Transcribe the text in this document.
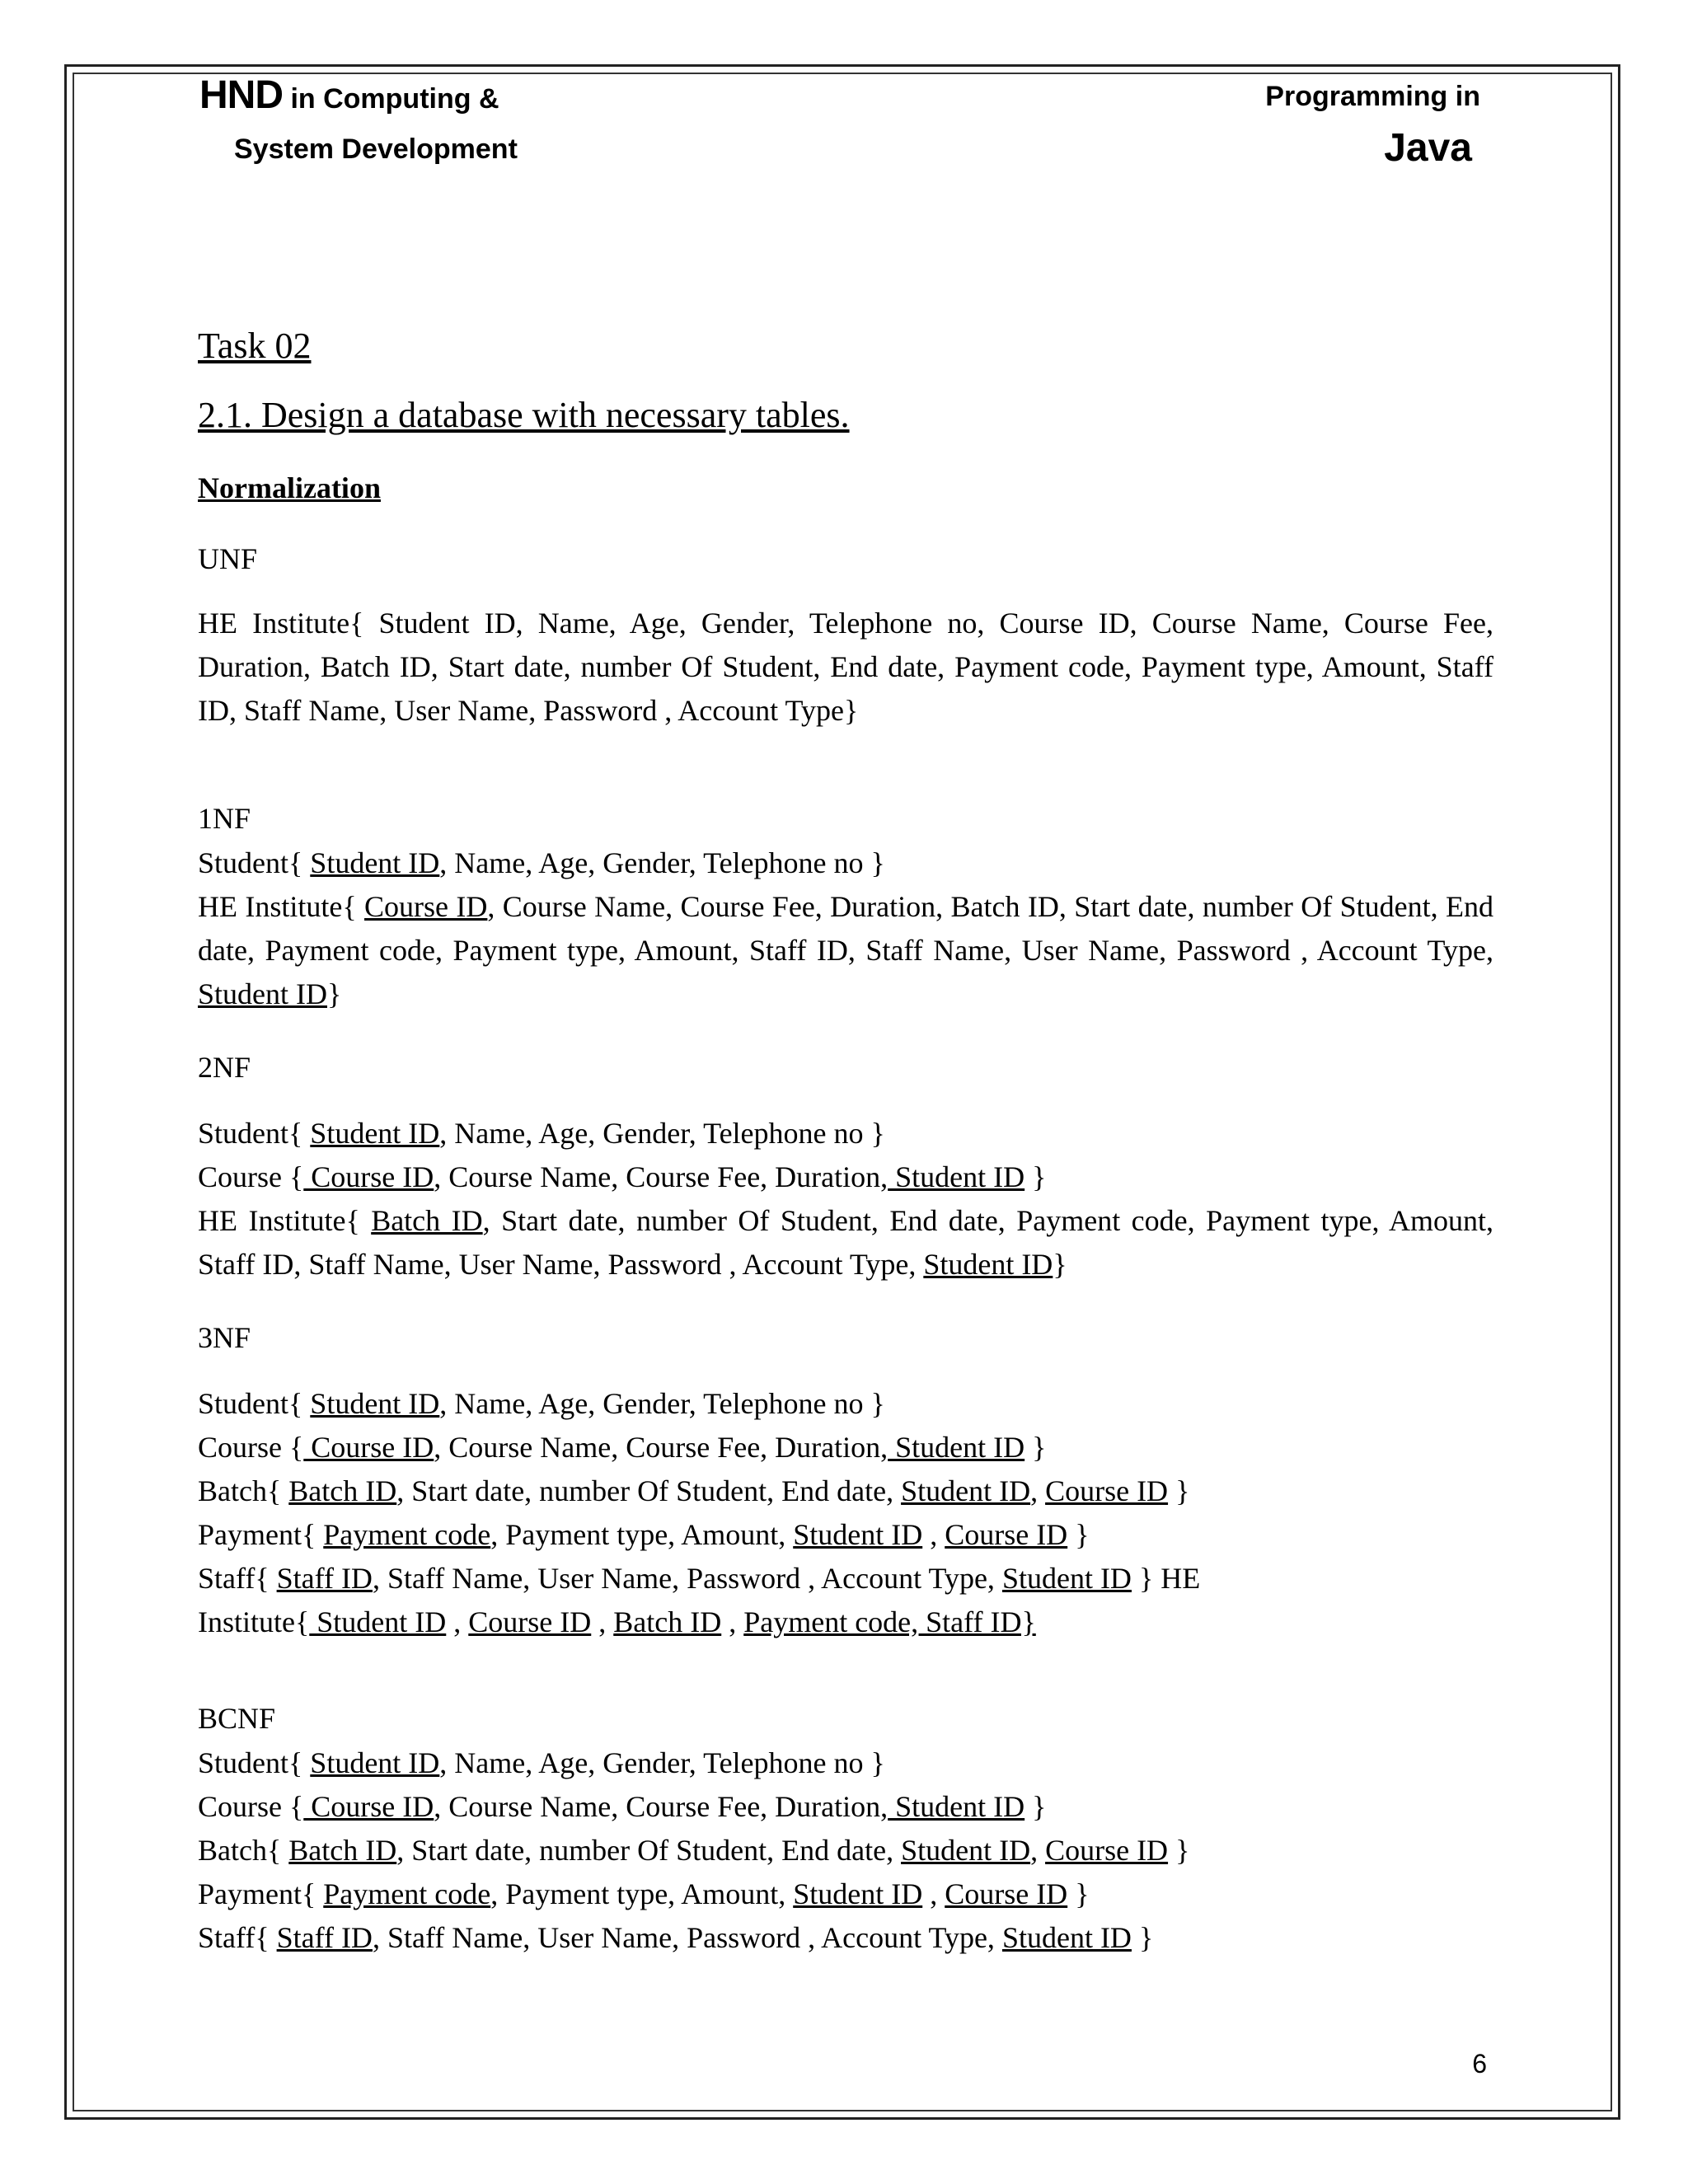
HND in Computing &
System Development
Programming in
Java

Task 02

2.1. Design a database with necessary tables.

Normalization

UNF

HE Institute{ Student ID, Name, Age, Gender, Telephone no, Course ID, Course Name, Course Fee, Duration, Batch ID, Start date, number Of Student, End date, Payment code, Payment type, Amount, Staff ID, Staff Name, User Name, Password , Account Type}

1NF

Student{ Student ID, Name, Age, Gender, Telephone no }
HE Institute{ Course ID, Course Name, Course Fee, Duration, Batch ID, Start date, number Of Student, End date, Payment code, Payment type, Amount, Staff ID, Staff Name, User Name, Password , Account Type, Student ID}

2NF

Student{ Student ID, Name, Age, Gender, Telephone no }
Course { Course ID, Course Name, Course Fee, Duration, Student ID }
HE Institute{ Batch ID, Start date, number Of Student, End date, Payment code, Payment type, Amount, Staff ID, Staff Name, User Name, Password , Account Type, Student ID}

3NF

Student{ Student ID, Name, Age, Gender, Telephone no }
Course { Course ID, Course Name, Course Fee, Duration, Student ID }
Batch{ Batch ID, Start date, number Of Student, End date, Student ID, Course ID }
Payment{ Payment code, Payment type, Amount, Student ID , Course ID }
Staff{ Staff ID, Staff Name, User Name, Password , Account Type, Student ID } HE
Institute{ Student ID , Course ID , Batch ID , Payment code, Staff ID}

BCNF

Student{ Student ID, Name, Age, Gender, Telephone no }
Course { Course ID, Course Name, Course Fee, Duration, Student ID }
Batch{ Batch ID, Start date, number Of Student, End date, Student ID, Course ID }
Payment{ Payment code, Payment type, Amount, Student ID , Course ID }
Staff{ Staff ID, Staff Name, User Name, Password , Account Type, Student ID }
6
